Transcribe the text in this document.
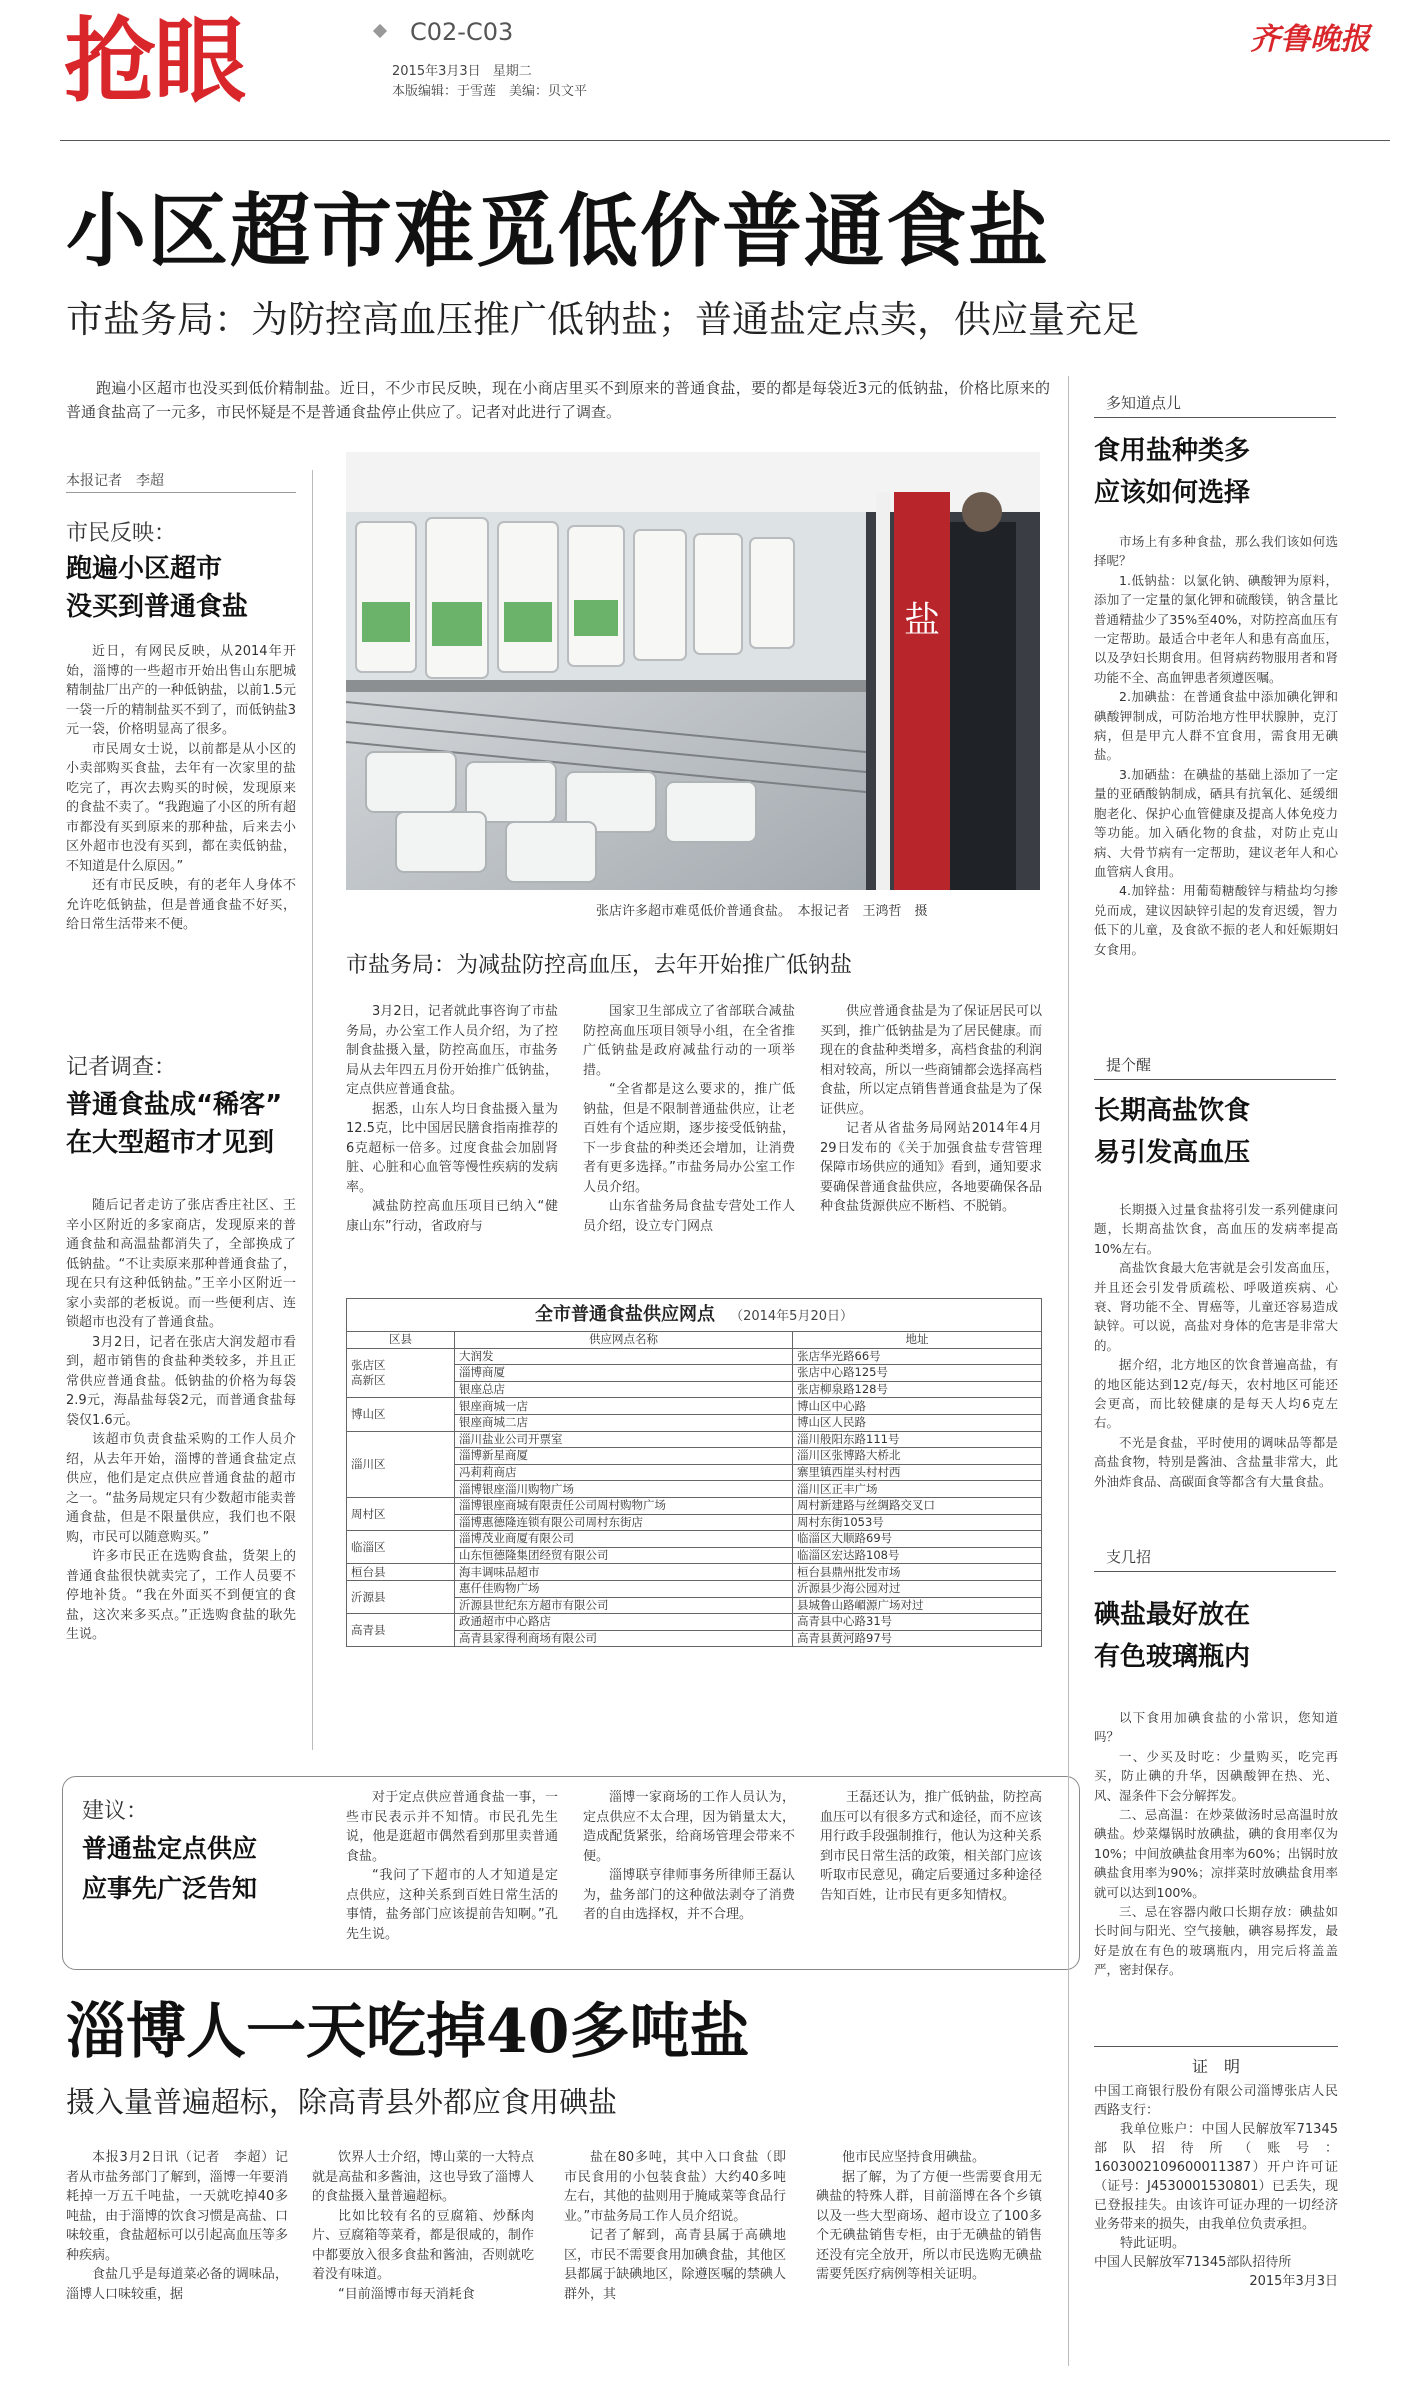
抢眼	C02-C03
2015年3月3日 星期二
本版编辑：于雪莲　美编：贝文平
齐鲁晚报
小区超市难觅低价普通食盐
市盐务局：为防控高血压推广低钠盐；普通盐定点卖，供应量充足

跑遍小区超市也没买到低价精制盐。近日，不少市民反映，现在小商店里买不到原来的普通食盐，要的都是每袋近3元的低钠盐，价格比原来的普通食盐高了一元多，市民怀疑是不是普通食盐停止供应了。记者对此进行了调查。

本报记者　李超
市民反映：
跑遍小区超市
没买到普通食盐

近日，有网民反映，从2014年开始，淄博的一些超市开始出售山东肥城精制盐厂出产的一种低钠盐，以前1.5元一袋一斤的精制盐买不到了，而低钠盐3元一袋，价格明显高了很多。

市民周女士说，以前都是从小区的小卖部购买食盐，去年有一次家里的盐吃完了，再次去购买的时候，发现原来的食盐不卖了。“我跑遍了小区的所有超市都没有买到原来的那种盐，后来去小区外超市也没有买到，都在卖低钠盐，不知道是什么原因。”

还有市民反映，有的老年人身体不允许吃低钠盐，但是普通食盐不好买，给日常生活带来不便。

记者调查：
普通食盐成“稀客”
在大型超市才见到

随后记者走访了张店香庄社区、王辛小区附近的多家商店，发现原来的普通食盐和高温盐都消失了，全部换成了低钠盐。“不让卖原来那种普通食盐了，现在只有这种低钠盐。”王辛小区附近一家小卖部的老板说。而一些便利店、连锁超市也没有了普通食盐。

3月2日，记者在张店大润发超市看到，超市销售的食盐种类较多，并且正常供应普通食盐。低钠盐的价格为每袋2.9元，海晶盐每袋2元，而普通食盐每袋仅1.6元。

该超市负责食盐采购的工作人员介绍，从去年开始，淄博的普通食盐定点供应，他们是定点供应普通食盐的超市之一。“盐务局规定只有少数超市能卖普通食盐，但是不限量供应，我们也不限购，市民可以随意购买。”

许多市民正在选购食盐，货架上的普通食盐很快就卖完了，工作人员要不停地补货。“我在外面买不到便宜的食盐，这次来多买点。”正选购食盐的耿先生说。

盐
张店许多超市难觅低价普通食盐。　本报记者　王鸿哲　摄
市盐务局：为减盐防控高血压，去年开始推广低钠盐

3月2日，记者就此事咨询了市盐务局，办公室工作人员介绍，为了控制食盐摄入量，防控高血压，市盐务局从去年四五月份开始推广低钠盐，定点供应普通食盐。

据悉，山东人均日食盐摄入量为12.5克，比中国居民膳食指南推荐的6克超标一倍多。过度食盐会加剧肾脏、心脏和心血管等慢性疾病的发病率。

减盐防控高血压项目已纳入“健康山东”行动，省政府与

国家卫生部成立了省部联合减盐防控高血压项目领导小组，在全省推广低钠盐是政府减盐行动的一项举措。

“全省都是这么要求的，推广低钠盐，但是不限制普通盐供应，让老百姓有个适应期，逐步接受低钠盐，下一步食盐的种类还会增加，让消费者有更多选择。”市盐务局办公室工作人员介绍。

山东省盐务局食盐专营处工作人员介绍，设立专门网点

供应普通食盐是为了保证居民可以买到，推广低钠盐是为了居民健康。而现在的食盐种类增多，高档食盐的利润相对较高，所以一些商铺都会选择高档食盐，所以定点销售普通食盐是为了保证供应。

记者从省盐务局网站2014年4月29日发布的《关于加强食盐专营管理保障市场供应的通知》看到，通知要求要确保普通食盐供应，各地要确保各品种食盐货源供应不断档、不脱销。

全市普通食盐供应网点 （2014年5月20日）
区县	供应网点名称	地址
张店区
高新区	大润发	张店华光路66号
	淄博商厦	张店中心路125号
	银座总店	张店柳泉路128号
博山区	银座商城一店	博山区中心路
	银座商城二店	博山区人民路
淄川区	淄川盐业公司开票室	淄川般阳东路111号
	淄博新星商厦	淄川区张博路大桥北
	冯莉莉商店	寨里镇西崖头村村西
	淄博银座淄川购物广场	淄川区正丰广场
周村区	淄博银座商城有限责任公司周村购物广场	周村新建路与丝绸路交叉口
	淄博惠德隆连锁有限公司周村东街店	周村东街1053号
临淄区	淄博茂业商厦有限公司	临淄区大顺路69号
	山东恒德隆集团经贸有限公司	临淄区宏达路108号
桓台县	海丰调味品超市	桓台县鼎州批发市场
沂源县	惠仟佳购物广场	沂源县少海公园对过
	沂源县世纪东方超市有限公司	县城鲁山路嵋源广场对过
高青县	政通超市中心路店	高青县中心路31号
	高青县家得利商场有限公司	高青县黄河路97号
建议：
普通盐定点供应
应事先广泛告知

对于定点供应普通食盐一事，一些市民表示并不知情。市民孔先生说，他是逛超市偶然看到那里卖普通食盐。

“我问了下超市的人才知道是定点供应，这种关系到百姓日常生活的事情，盐务部门应该提前告知啊。”孔先生说。

淄博一家商场的工作人员认为，定点供应不太合理，因为销量太大，造成配货紧张，给商场管理会带来不便。

淄博联亨律师事务所律师王磊认为，盐务部门的这种做法剥夺了消费者的自由选择权，并不合理。

王磊还认为，推广低钠盐，防控高血压可以有很多方式和途径，而不应该用行政手段强制推行，他认为这种关系到市民日常生活的政策，相关部门应该听取市民意见，确定后要通过多种途径告知百姓，让市民有更多知情权。

淄博人一天吃掉40多吨盐
摄入量普遍超标，除高青县外都应食用碘盐

本报3月2日讯（记者　李超）记者从市盐务部门了解到，淄博一年要消耗掉一万五千吨盐，一天就吃掉40多吨盐，由于淄博的饮食习惯是高盐、口味较重，食盐超标可以引起高血压等多种疾病。

食盐几乎是每道菜必备的调味品，淄博人口味较重，据

饮界人士介绍，博山菜的一大特点就是高盐和多酱油，这也导致了淄博人的食盐摄入量普遍超标。

比如比较有名的豆腐箱、炒酥肉片、豆腐箱等菜肴，都是很咸的，制作中都要放入很多食盐和酱油，否则就吃着没有味道。

“目前淄博市每天消耗食

盐在80多吨，其中入口食盐（即市民食用的小包装食盐）大约40多吨左右，其他的盐则用于腌咸菜等食品行业。”市盐务局工作人员介绍说。

记者了解到，高青县属于高碘地区，市民不需要食用加碘食盐，其他区县都属于缺碘地区，除遵医嘱的禁碘人群外，其

他市民应坚持食用碘盐。

据了解，为了方便一些需要食用无碘盐的特殊人群，目前淄博在各个乡镇以及一些大型商场、超市设立了100多个无碘盐销售专柜，由于无碘盐的销售还没有完全放开，所以市民选购无碘盐需要凭医疗病例等相关证明。

多知道点儿
食用盐种类多
应该如何选择

市场上有多种食盐，那么我们该如何选择呢？

1.低钠盐：以氯化钠、碘酸钾为原料，添加了一定量的氯化钾和硫酸镁，钠含量比普通精盐少了35%至40%，对防控高血压有一定帮助。最适合中老年人和患有高血压，以及孕妇长期食用。但肾病药物服用者和肾功能不全、高血钾患者须遵医嘱。

2.加碘盐：在普通食盐中添加碘化钾和碘酸钾制成，可防治地方性甲状腺肿，克汀病，但是甲亢人群不宜食用，需食用无碘盐。

3.加硒盐：在碘盐的基础上添加了一定量的亚硒酸钠制成，硒具有抗氧化、延缓细胞老化、保护心血管健康及提高人体免疫力等功能。加入硒化物的食盐，对防止克山病、大骨节病有一定帮助，建议老年人和心血管病人食用。

4.加锌盐：用葡萄糖酸锌与精盐均匀掺兑而成，建议因缺锌引起的发育迟缓，智力低下的儿童，及食欲不振的老人和妊娠期妇女食用。

提个醒
长期高盐饮食
易引发高血压

长期摄入过量食盐将引发一系列健康问题，长期高盐饮食，高血压的发病率提高10%左右。

高盐饮食最大危害就是会引发高血压，并且还会引发骨质疏松、呼吸道疾病、心衰、肾功能不全、胃癌等，儿童还容易造成缺锌。可以说，高盐对身体的危害是非常大的。

据介绍，北方地区的饮食普遍高盐，有的地区能达到12克/每天，农村地区可能还会更高，而比较健康的是每天人均6克左右。

不光是食盐，平时使用的调味品等都是高盐食物，特别是酱油、含盐量非常大，此外油炸食品、高碳面食等都含有大量食盐。

支几招
碘盐最好放在
有色玻璃瓶内

以下食用加碘食盐的小常识，您知道吗？

一、少买及时吃：少量购买，吃完再买，防止碘的升华，因碘酸钾在热、光、风、湿条件下会分解挥发。

二、忌高温：在炒菜做汤时忌高温时放碘盐。炒菜爆锅时放碘盐，碘的食用率仅为10%；中间放碘盐食用率为60%；出锅时放碘盐食用率为90%；凉拌菜时放碘盐食用率就可以达到100%。

三、忌在容器内敞口长期存放：碘盐如长时间与阳光、空气接触，碘容易挥发，最好是放在有色的玻璃瓶内，用完后将盖盖严，密封保存。

证　明

中国工商银行股份有限公司淄博张店人民西路支行：

我单位账户：中国人民解放军71345部队招待所（账号：1603002109600011387）开户许可证（证号：J4530001530801）已丢失，现已登报挂失。由该许可证办理的一切经济业务带来的损失，由我单位负责承担。

特此证明。

中国人民解放军71345部队招待所

2015年3月3日
